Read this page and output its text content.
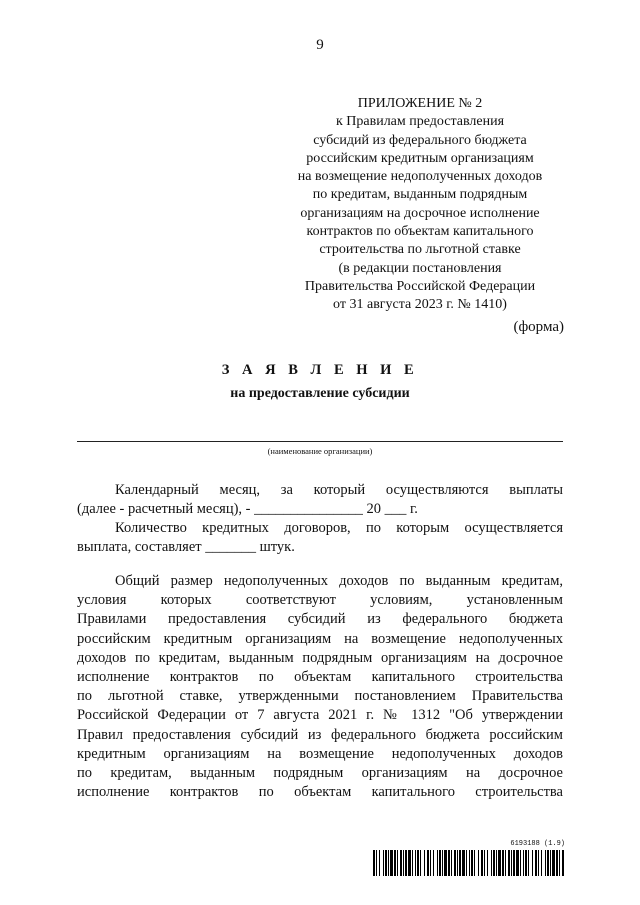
9
ПРИЛОЖЕНИЕ № 2
к Правилам предоставления
субсидий из федерального бюджета
российским кредитным организациям
на возмещение недополученных доходов
по кредитам, выданным подрядным
организациям на досрочное исполнение
контрактов по объектам капитального
строительства по льготной ставке
(в редакции постановления
Правительства Российской Федерации
от 31 августа 2023 г. № 1410)
(форма)
З А Я В Л Е Н И Е
на предоставление субсидии
(наименование организации)
Календарный месяц, за который осуществляются выплаты
(далее - расчетный месяц), - _______________ 20 ___ г.
Количество кредитных договоров, по которым осуществляется
выплата, составляет _______ штук.
Общий размер недополученных доходов по выданным кредитам,
условия которых соответствуют условиям, установленным
Правилами предоставления субсидий из федерального бюджета
российским кредитным организациям на возмещение недополученных
доходов по кредитам, выданным подрядным организациям на досрочное
исполнение контрактов по объектам капитального строительства
по льготной ставке, утвержденными постановлением Правительства
Российской Федерации от 7 августа 2021 г. № 1312 "Об утверждении
Правил предоставления субсидий из федерального бюджета российским
кредитным организациям на возмещение недополученных доходов
по кредитам, выданным подрядным организациям на досрочное
исполнение контрактов по объектам капитального строительства
6193188 (1.9)
